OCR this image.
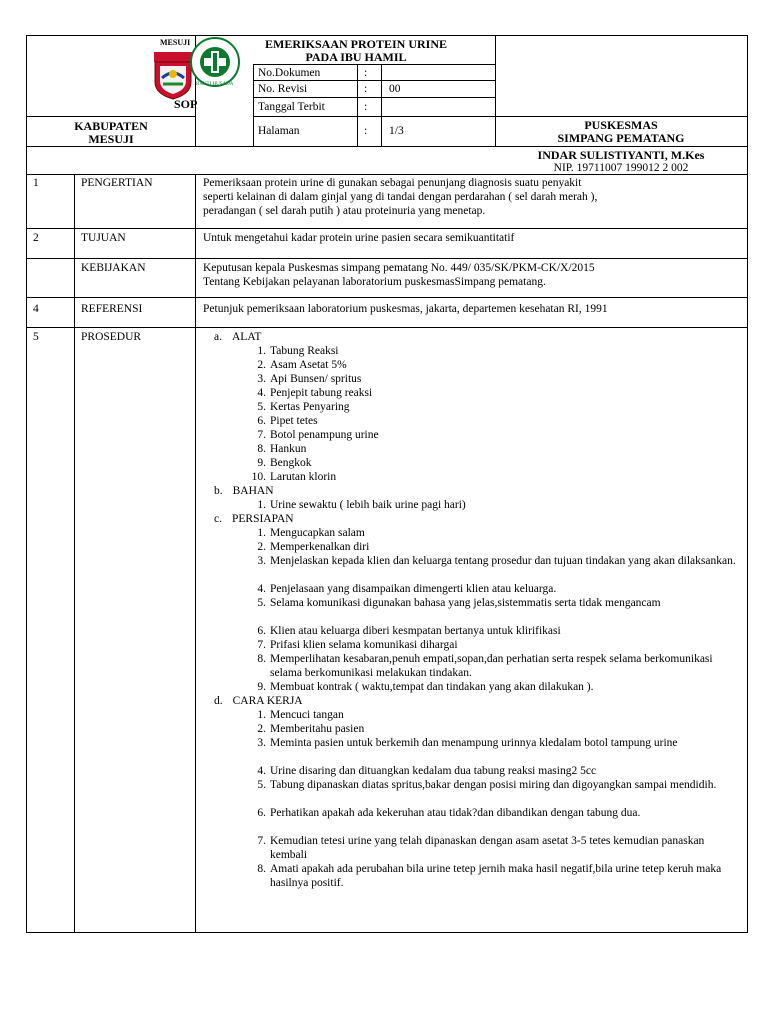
MESUJI
BAKTI HUSADA
SOP
EMERIKSAAN PROTEIN URINE
PADA IBU HAMIL
No.Dokumen	:
No. Revisi	: 00
Tanggal Terbit	:
Halaman	: 1/3
KABUPATEN
MESUJI
PUSKESMAS
SIMPANG PEMATANG
INDAR SULISTIYANTI, M.Kes
NIP. 19711007 199012 2 002
1	PENGERTIAN	Pemeriksaan protein urine di gunakan sebagai penunjang diagnosis suatu penyakit
seperti kelainan di dalam ginjal yang di tandai dengan perdarahan ( sel darah merah ),
peradangan ( sel darah putih ) atau proteinuria yang menetap.
2	TUJUAN	Untuk mengetahui kadar protein urine pasien secara semikuantitatif
KEBIJAKAN	Keputusan kepala Puskesmas simpang pematang No. 449/ 035/SK/PKM-CK/X/2015
Tentang Kebijakan pelayanan laboratorium puskesmasSimpang pematang.
4	REFERENSI	Petunjuk pemeriksaan laboratorium puskesmas, jakarta, departemen kesehatan RI, 1991
5	PROSEDUR	a. ALAT
1. Tabung Reaksi
2. Asam Asetat 5%
3. Api Bunsen/ spritus
4. Penjepit tabung reaksi
5. Kertas Penyaring
6. Pipet tetes
7. Botol penampung urine
8. Hankun
9. Bengkok
10. Larutan klorin
b. BAHAN
1. Urine sewaktu ( lebih baik urine pagi hari)
c. PERSIAPAN
1. Mengucapkan salam
2. Memperkenalkan diri
3. Menjelaskan kepada klien dan keluarga tentang prosedur dan tujuan tindakan yang akan dilaksankan.
4. Penjelasaan yang disampaikan dimengerti klien atau keluarga.
5. Selama komunikasi digunakan bahasa yang jelas,sistemmatis serta tidak mengancam
6. Klien atau keluarga diberi kesmpatan bertanya untuk klirifikasi
7. Prifasi klien selama komunikasi dihargai
8. Memperlihatan kesabaran,penuh empati,sopan,dan perhatian serta respek selama berkomunikasi selama berkomunikasi melakukan tindakan.
9. Membuat kontrak ( waktu,tempat dan tindakan yang akan dilakukan ).
d. CARA KERJA
1. Mencuci tangan
2. Memberitahu pasien
3. Meminta pasien untuk berkemih dan menampung urinnya kledalam botol tampung urine
4. Urine disaring dan dituangkan kedalam dua tabung reaksi masing2 5cc
5. Tabung dipanaskan diatas spritus,bakar dengan posisi miring dan digoyangkan sampai mendidih.
6. Perhatikan apakah ada kekeruhan atau tidak?dan dibandikan dengan tabung dua.
7. Kemudian tetesi urine yang telah dipanaskan dengan asam asetat 3-5 tetes kemudian panaskan kembali
8. Amati apakah ada perubahan bila urine tetep jernih maka hasil negatif,bila urine tetep keruh maka hasilnya positif.
